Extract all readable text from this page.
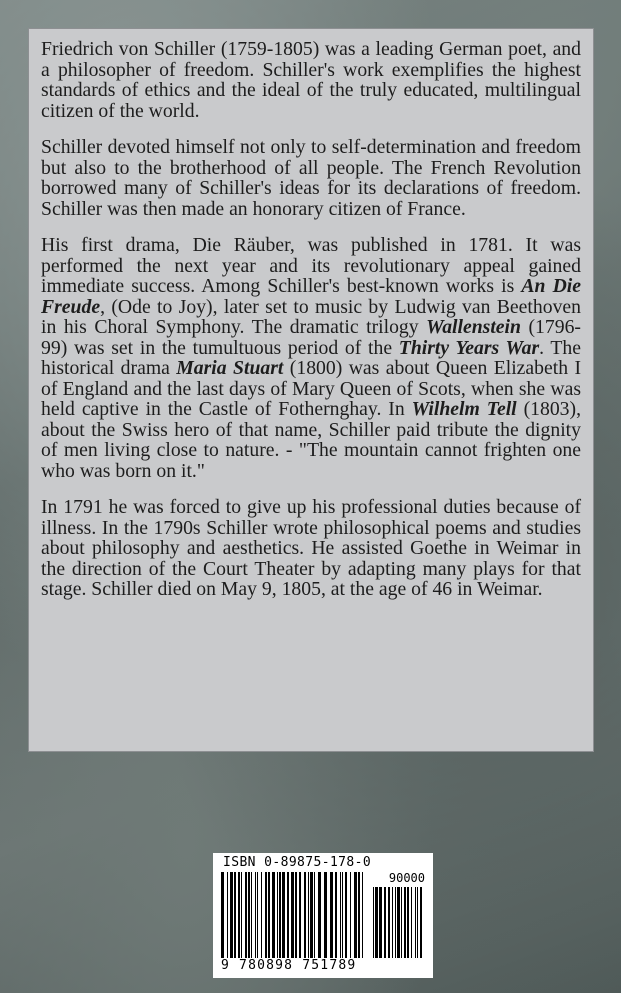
Friedrich von Schiller (1759-1805) was a leading German poet, and a philosopher of freedom. Schiller's work exemplifies the highest standards of ethics and the ideal of the truly educated, multilingual citizen of the world.

Schiller devoted himself not only to self-determination and freedom but also to the brotherhood of all people. The French Revolution borrowed many of Schiller's ideas for its declarations of freedom. Schiller was then made an honorary citizen of France.

His first drama, Die Räuber, was published in 1781. It was performed the next year and its revolutionary appeal gained immediate success. Among Schiller's best-known works is An Die Freude, (Ode to Joy), later set to music by Ludwig van Beethoven in his Choral Symphony. The dramatic trilogy Wallenstein (1796-99) was set in the tumultuous period of the Thirty Years War. The historical drama Maria Stuart (1800) was about Queen Elizabeth I of England and the last days of Mary Queen of Scots, when she was held captive in the Castle of Fothernghay. In Wilhelm Tell (1803), about the Swiss hero of that name, Schiller paid tribute the dignity of men living close to nature. - "The mountain cannot frighten one who was born on it."

In 1791 he was forced to give up his professional duties because of illness. In the 1790s Schiller wrote philosophical poems and studies about philosophy and aesthetics. He assisted Goethe in Weimar in the direction of the Court Theater by adapting many plays for that stage. Schiller died on May 9, 1805, at the age of 46 in Weimar.

ISBN 0-89875-178-0
90000
9 780898 751789
